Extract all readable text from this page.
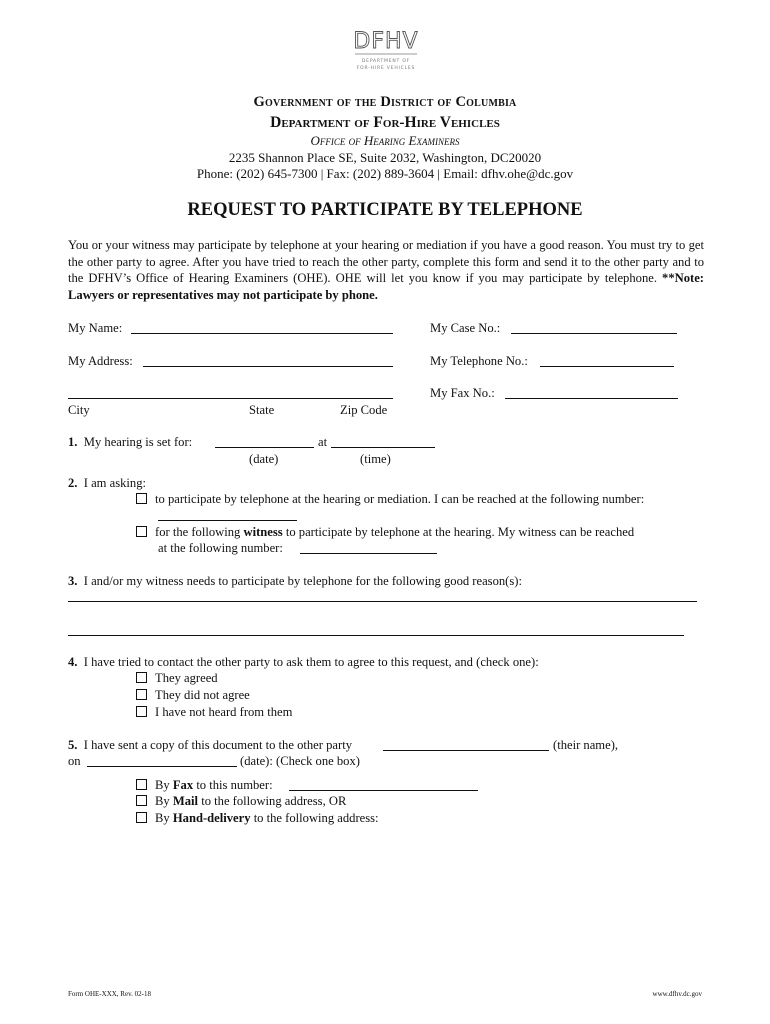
DFHV
DEPARTMENT OF
FOR-HIRE VEHICLES
Government of the District of Columbia
Department of For-Hire Vehicles
Office of Hearing Examiners
2235 Shannon Place SE, Suite 2032, Washington, DC20020
Phone: (202) 645-7300 | Fax: (202) 889-3604 | Email: dfhv.ohe@dc.gov
REQUEST TO PARTICIPATE BY TELEPHONE
You or your witness may participate by telephone at your hearing or mediation if you have a good reason. You must try to get the other party to agree. After you have tried to reach the other party, complete this form and send it to the other party and to the DFHV’s Office of Hearing Examiners (OHE). OHE will let you know if you may participate by telephone. **Note: Lawyers or representatives may not participate by phone.
My Name:	My Case No.:
My Address:	My Telephone No.:
My Fax No.:
City	State	Zip Code
1. My hearing is set for:	at
(date)	(time)
2. I am asking:
to participate by telephone at the hearing or mediation. I can be reached at the following number:
for the following witness to participate by telephone at the hearing. My witness can be reached
at the following number:
3. I and/or my witness needs to participate by telephone for the following good reason(s):
4. I have tried to contact the other party to ask them to agree to this request, and (check one):
They agreed
They did not agree
I have not heard from them
5. I have sent a copy of this document to the other party	(their name),
on	(date): (Check one box)
By Fax to this number:
By Mail to the following address, OR
By Hand-delivery to the following address:
Form OHE-XXX, Rev. 02-18	www.dfhv.dc.gov
